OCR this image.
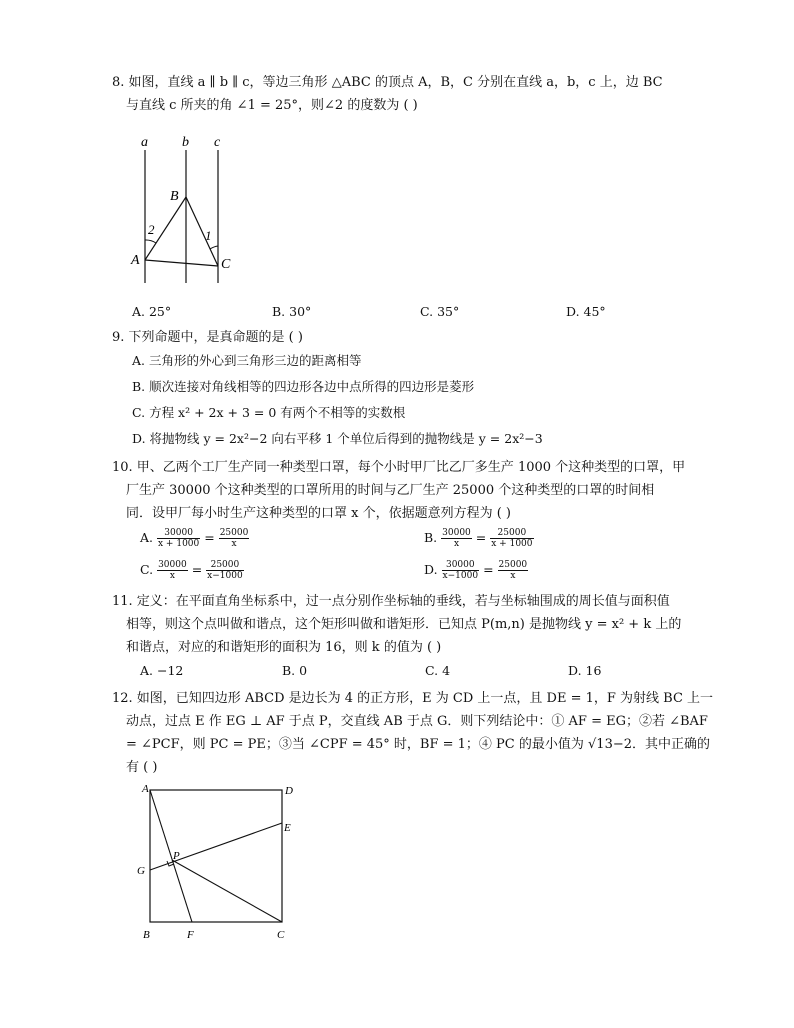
8. 如图，直线 a ∥ b ∥ c，等边三角形 △ABC 的顶点 A，B，C 分别在直线 a，b，c 上，边 BC
与直线 c 所夹的角 ∠1 = 25°，则∠2 的度数为 ( )
a b c
B
A	C
2	1
A. 25°	B. 30°	C. 35°	D. 45°
9. 下列命题中，是真命题的是 ( )
A. 三角形的外心到三角形三边的距离相等
B. 顺次连接对角线相等的四边形各边中点所得的四边形是菱形
C. 方程 x² + 2x + 3 = 0 有两个不相等的实数根
D. 将抛物线 y = 2x²−2 向右平移 1 个单位后得到的抛物线是 y = 2x²−3
10. 甲、乙两个工厂生产同一种类型口罩，每个小时甲厂比乙厂多生产 1000 个这种类型的口罩，甲
厂生产 30000 个这种类型的口罩所用的时间与乙厂生产 25000 个这种类型的口罩的时间相
同．设甲厂每小时生产这种类型的口罩 x 个，依据题意列方程为 ( )
A. $\frac{30000}{x + 1000} = \frac{25000}{x}$	B. $\frac{30000}{x} = \frac{25000}{x + 1000}$
C. $\frac{30000}{x} = \frac{25000}{x-1000}$	D. $\frac{30000}{x-1000} = \frac{25000}{x}$
11. 定义：在平面直角坐标系中，过一点分别作坐标轴的垂线，若与坐标轴围成的周长值与面积值
相等，则这个点叫做和谐点，这个矩形叫做和谐矩形．已知点 P(m,n) 是抛物线 y = x² + k 上的
和谐点，对应的和谐矩形的面积为 16，则 k 的值为 ( )
A. −12	B. 0	C. 4	D. 16
12. 如图，已知四边形 ABCD 是边长为 4 的正方形，E 为 CD 上一点，且 DE = 1，F 为射线 BC 上一
动点，过点 E 作 EG ⊥ AF 于点 P，交直线 AB 于点 G．则下列结论中：① AF = EG；②若 ∠BAF
= ∠PCF，则 PC = PE；③当 ∠CPF = 45° 时，BF = 1；④ PC 的最小值为 √13−2．其中正确的
有 ( )
A	D
E
P
G
B	F	C
